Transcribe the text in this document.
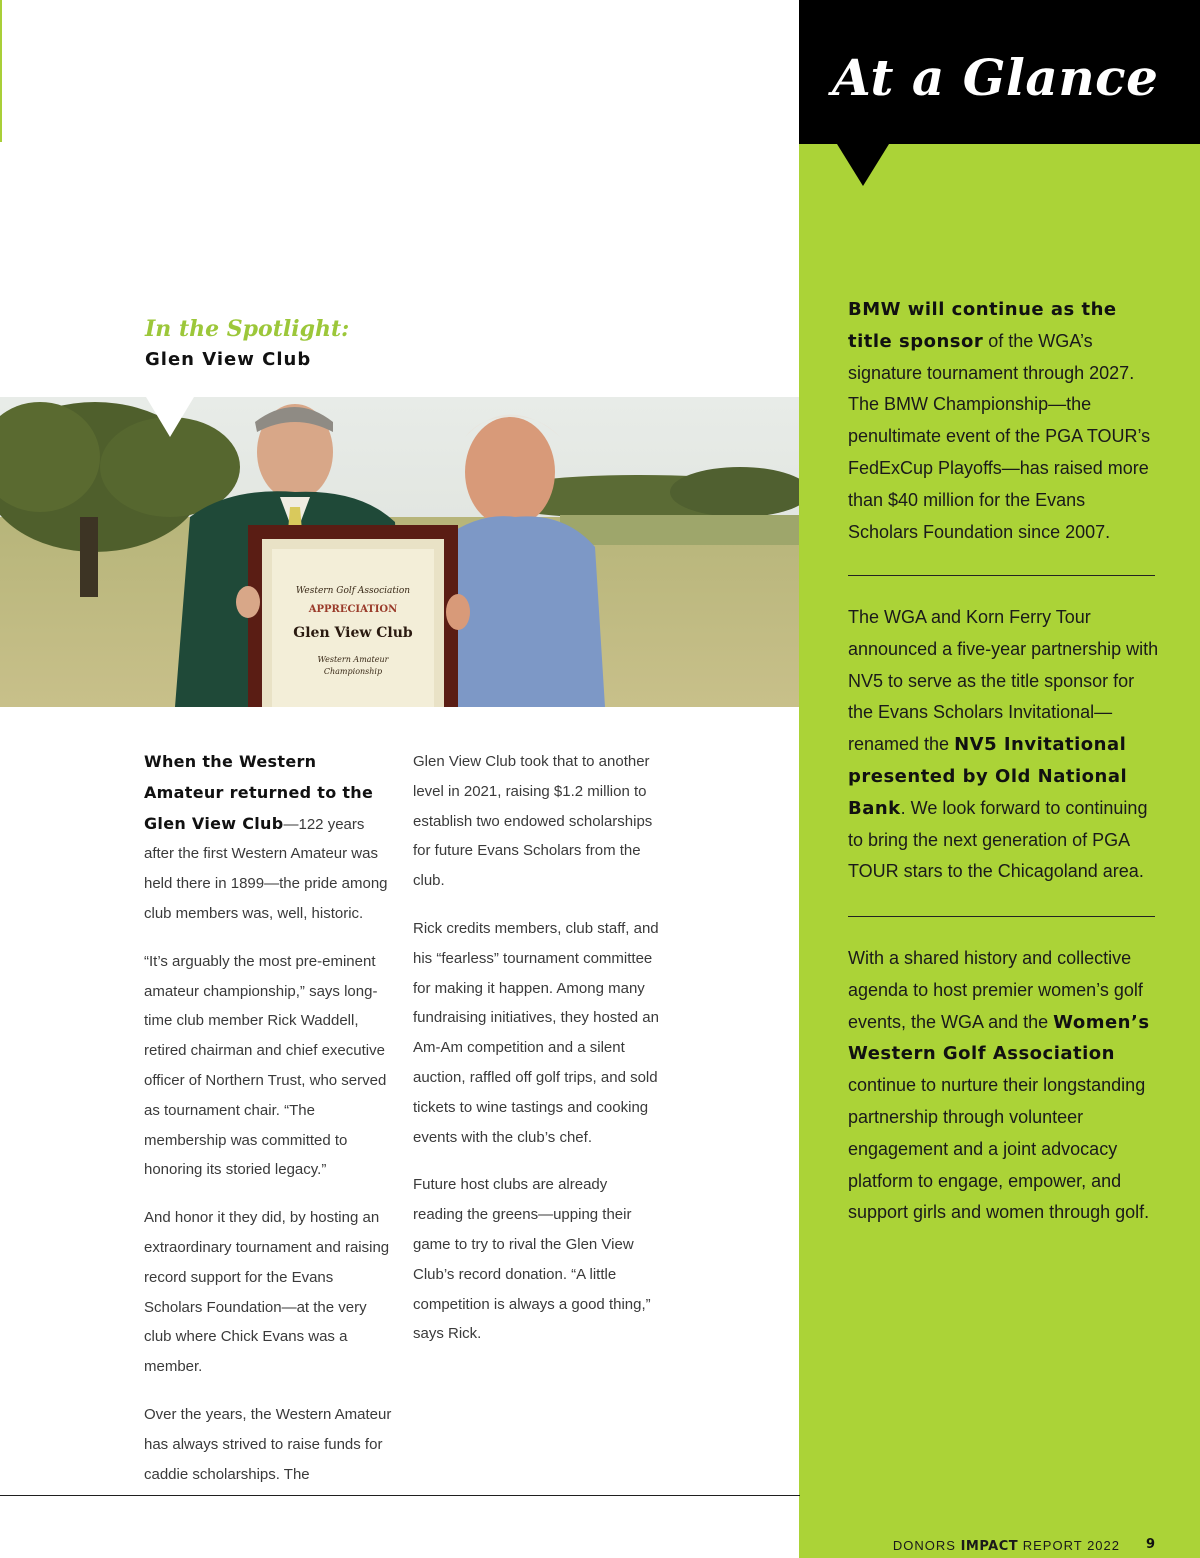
In the Spotlight:
Glen View Club
Western Golf Association
APPRECIATION
Glen View Club
Western Amateur
Championship

When the Western Amateur returned to the Glen View Club—122 years after the first Western Amateur was held there in 1899—the pride among club members was, well, historic.

“It’s arguably the most pre-eminent amateur championship,” says long-time club member Rick Waddell, retired chairman and chief executive officer of Northern Trust, who served as tournament chair. “The membership was committed to honoring its storied legacy.”

And honor it they did, by hosting an extraordinary tournament and raising record support for the Evans Scholars Foundation—at the very club where Chick Evans was a member.

Over the years, the Western Amateur has always strived to raise funds for caddie scholarships. The

Glen View Club took that to another level in 2021, raising $1.2 million to establish two endowed scholarships for future Evans Scholars from the club.

Rick credits members, club staff, and his “fearless” tournament committee for making it happen. Among many fundraising initiatives, they hosted an Am-Am competition and a silent auction, raffled off golf trips, and sold tickets to wine tastings and cooking events with the club’s chef.

Future host clubs are already reading the greens—upping their game to try to rival the Glen View Club’s record donation. “A little competition is always a good thing,” says Rick.

At a Glance
BMW will continue as the title sponsor of the WGA’s signature tournament through 2027. The BMW Championship—the penultimate event of the PGA TOUR’s FedExCup Playoffs—has raised more than $40 million for the Evans Scholars Foundation since 2007.
The WGA and Korn Ferry Tour announced a five-year partnership with NV5 to serve as the title sponsor for the Evans Scholars Invitational—renamed the NV5 Invitational presented by Old National Bank. We look forward to continuing to bring the next generation of PGA TOUR stars to the Chicagoland area.
With a shared history and collective agenda to host premier women’s golf events, the WGA and the Women’s Western Golf Association continue to nurture their longstanding partnership through volunteer engagement and a joint advocacy platform to engage, empower, and support girls and women through golf.
DONORS IMPACT REPORT 2022 9
